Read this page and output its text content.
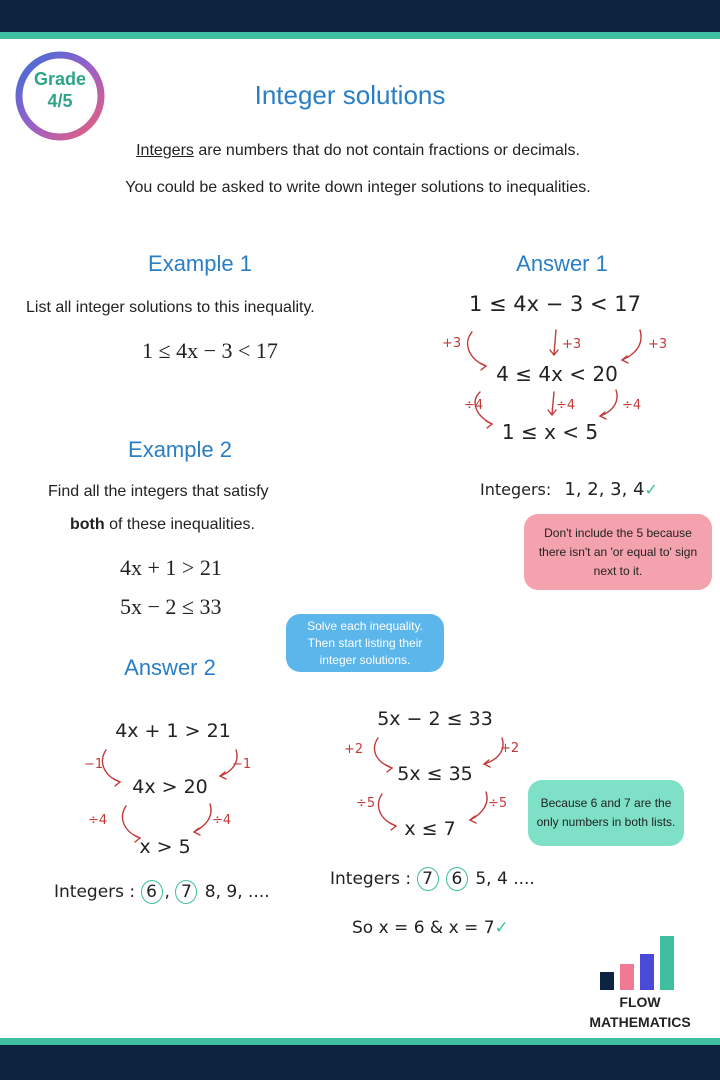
Grade
4/5	Integer solutions
Integers are numbers that do not contain fractions or decimals.
You could be asked to write down integer solutions to inequalities.
Example 1
List all integer solutions to this inequality.
1 ≤ 4x − 3 < 17
Answer 1
1 ≤ 4x − 3 < 17
+3	+3	+3
4 ≤ 4x < 20
÷4	÷4	÷4
1 ≤ x < 5
Integers: 1, 2, 3, 4✓
Don't include the 5 because there isn't an 'or equal to' sign next to it.
Example 2
Find all the integers that satisfy
both of these inequalities.
4x + 1 > 21
5x − 2 ≤ 33
Solve each inequality. Then start listing their integer solutions.
Answer 2
4x + 1 > 21
−1	−1
4x > 20
÷4	÷4
x > 5
Integers : 6 , 7 8, 9, ....
5x − 2 ≤ 33
+2	+2
5x ≤ 35
÷5	÷5
x ≤ 7
Integers : 7 6 5, 4 ....
So x = 6 & x = 7✓
Because 6 and 7 are the only numbers in both lists.
FLOW
MATHEMATICS
